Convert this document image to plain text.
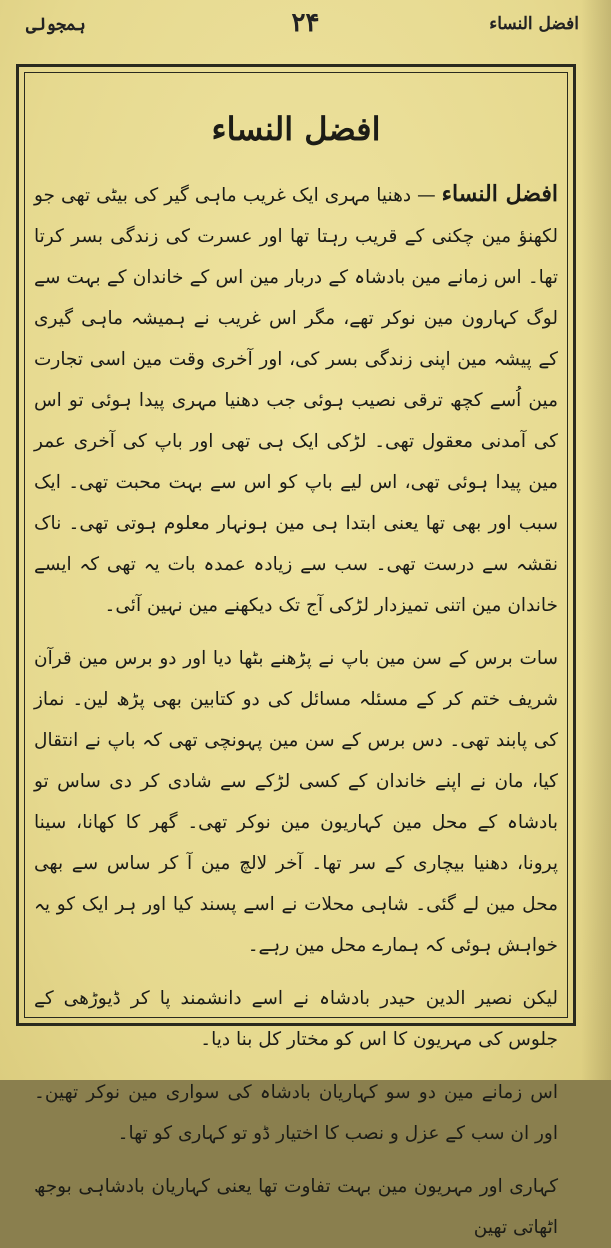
افضل النساء
۲۴
ہمجولی
افضل النساء

افضل النساء — دھنیا مہری ایک غریب ماہی گیر کی بیٹی تھی جو لکھنؤ مین چکنی کے قریب رہتا تھا اور عسرت کی زندگی بسر کرتا تھا۔ اس زمانے مین بادشاہ کے دربار مین اس کے خاندان کے بہت سے لوگ کہارون مین نوکر تھے، مگر اس غریب نے ہمیشہ ماہی گیری کے پیشہ مین اپنی زندگی بسر کی، اور آخری وقت مین اسی تجارت مین اُسے کچھ ترقی نصیب ہوئی جب دھنیا مہری پیدا ہوئی تو اس کی آمدنی معقول تھی۔ لڑکی ایک ہی تھی اور باپ کی آخری عمر مین پیدا ہوئی تھی، اس لیے باپ کو اس سے بہت محبت تھی۔ ایک سبب اور بھی تھا یعنی ابتدا ہی مین ہونہار معلوم ہوتی تھی۔ ناک نقشہ سے درست تھی۔ سب سے زیادہ عمدہ بات یہ تھی کہ ایسے خاندان مین اتنی تمیزدار لڑکی آج تک دیکھنے مین نہین آئی۔

سات برس کے سن مین باپ نے پڑھنے بٹھا دیا اور دو برس مین قرآن شریف ختم کر کے مسئلہ مسائل کی دو کتابین بھی پڑھ لین۔ نماز کی پابند تھی۔ دس برس کے سن مین پہونچی تھی کہ باپ نے انتقال کیا، مان نے اپنے خاندان کے کسی لڑکے سے شادی کر دی ساس تو بادشاہ کے محل مین کہاریون مین نوکر تھی۔ گھر کا کھانا، سینا پرونا، دھنیا بیچاری کے سر تھا۔ آخر لالچ مین آ کر ساس سے بھی محل مین لے گئی۔ شاہی محلات نے اسے پسند کیا اور ہر ایک کو یہ خواہش ہوئی کہ ہمارے محل مین رہے۔

لیکن نصیر الدین حیدر بادشاہ نے اسے دانشمند پا کر ڈیوڑھی کے جلوس کی مہریون کا اس کو مختار کل بنا دیا۔

اس زمانے مین دو سو کہاریان بادشاہ کی سواری مین نوکر تھین۔ اور ان سب کے عزل و نصب کا اختیار ڈو تو کہاری کو تھا۔

کہاری اور مہریون مین بہت تفاوت تھا یعنی کہاریان بادشاہی بوجھ اٹھاتی تھین
